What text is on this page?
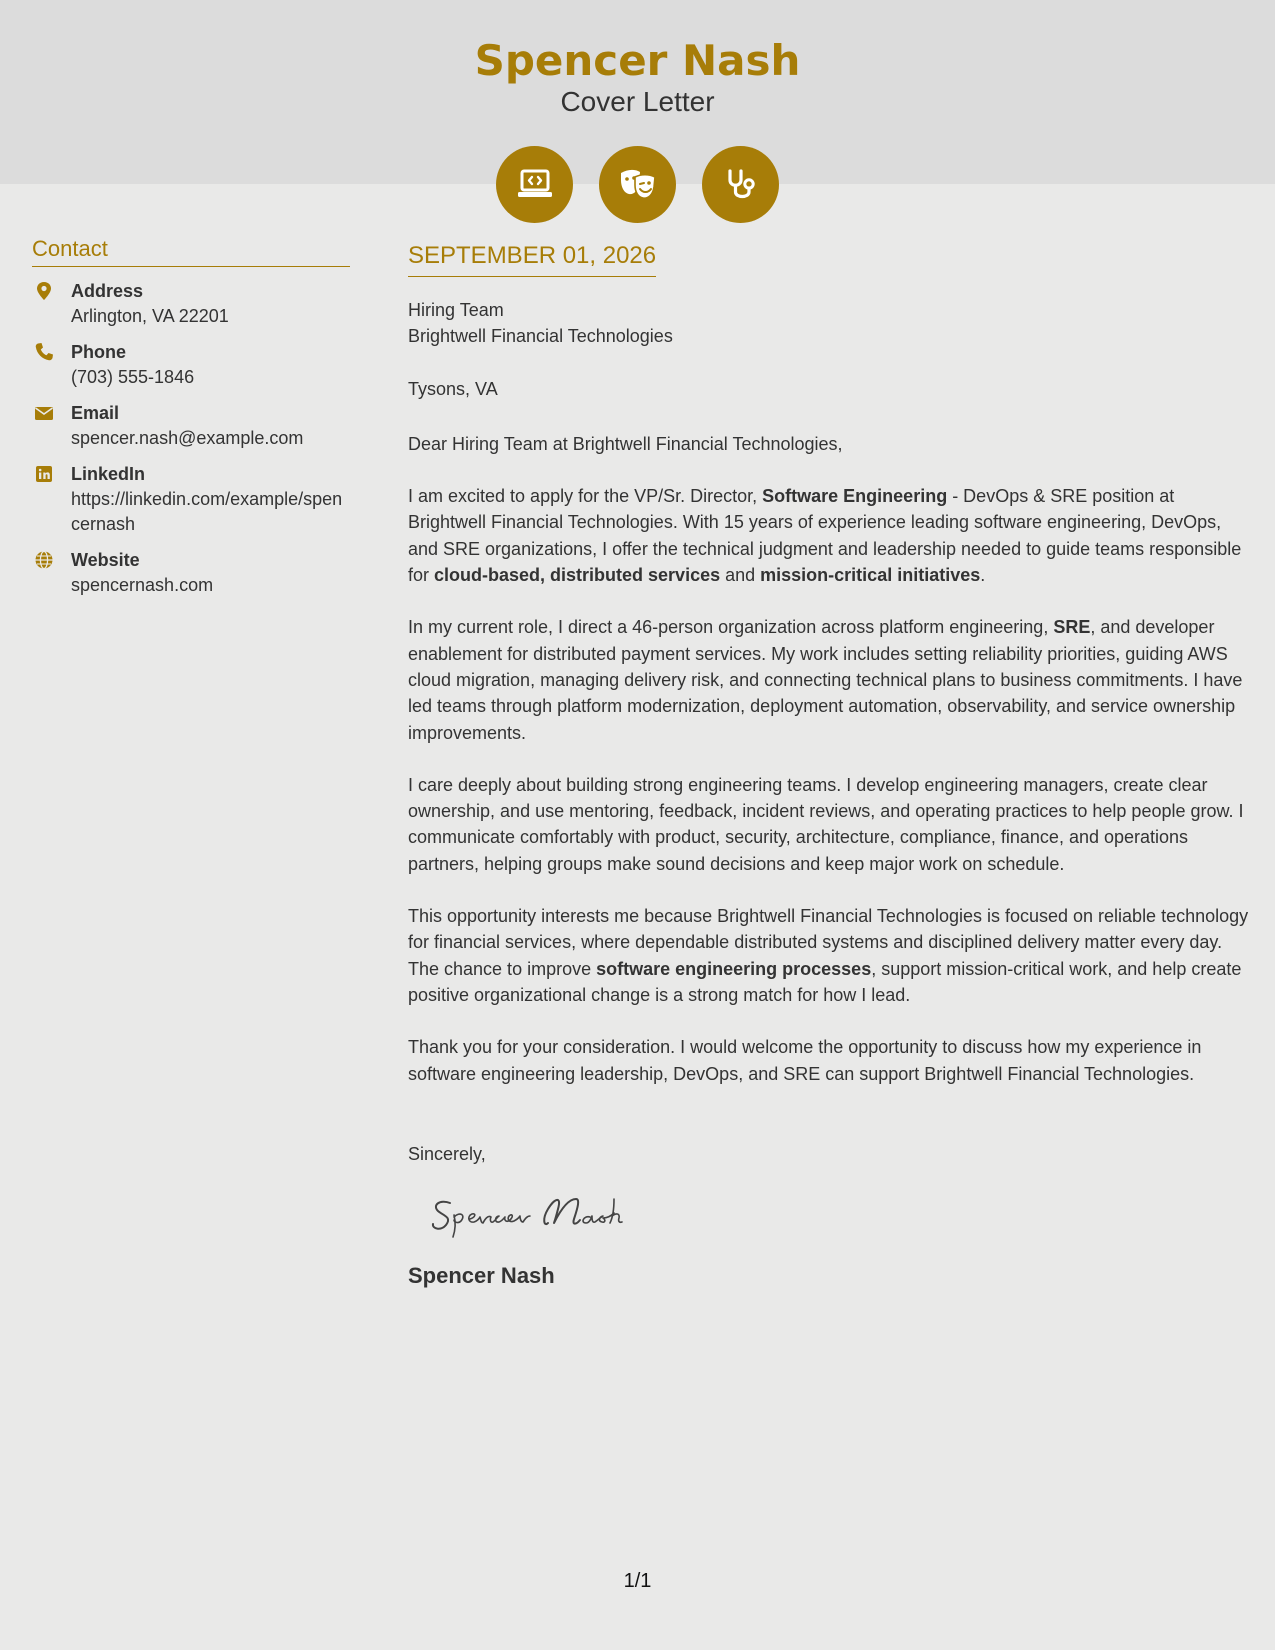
Spencer Nash
Cover Letter
Contact
Address
Arlington, VA 22201
Phone
(703) 555-1846
Email
spencer.nash@example.com
LinkedIn
https://linkedin.com/example/spencernash
Website
spencernash.com
SEPTEMBER 01, 2026
Hiring Team
Brightwell Financial Technologies
Tysons, VA
Dear Hiring Team at Brightwell Financial Technologies,
I am excited to apply for the VP/Sr. Director, Software Engineering - DevOps & SRE position at Brightwell Financial Technologies. With 15 years of experience leading software engineering, DevOps, and SRE organizations, I offer the technical judgment and leadership needed to guide teams responsible for cloud-based, distributed services and mission-critical initiatives.
In my current role, I direct a 46-person organization across platform engineering, SRE, and developer enablement for distributed payment services. My work includes setting reliability priorities, guiding AWS cloud migration, managing delivery risk, and connecting technical plans to business commitments. I have led teams through platform modernization, deployment automation, observability, and service ownership improvements.
I care deeply about building strong engineering teams. I develop engineering managers, create clear ownership, and use mentoring, feedback, incident reviews, and operating practices to help people grow. I communicate comfortably with product, security, architecture, compliance, finance, and operations partners, helping groups make sound decisions and keep major work on schedule.
This opportunity interests me because Brightwell Financial Technologies is focused on reliable technology for financial services, where dependable distributed systems and disciplined delivery matter every day. The chance to improve software engineering processes, support mission-critical work, and help create positive organizational change is a strong match for how I lead.
Thank you for your consideration. I would welcome the opportunity to discuss how my experience in software engineering leadership, DevOps, and SRE can support Brightwell Financial Technologies.
Sincerely,
Spencer Nash
1/1
